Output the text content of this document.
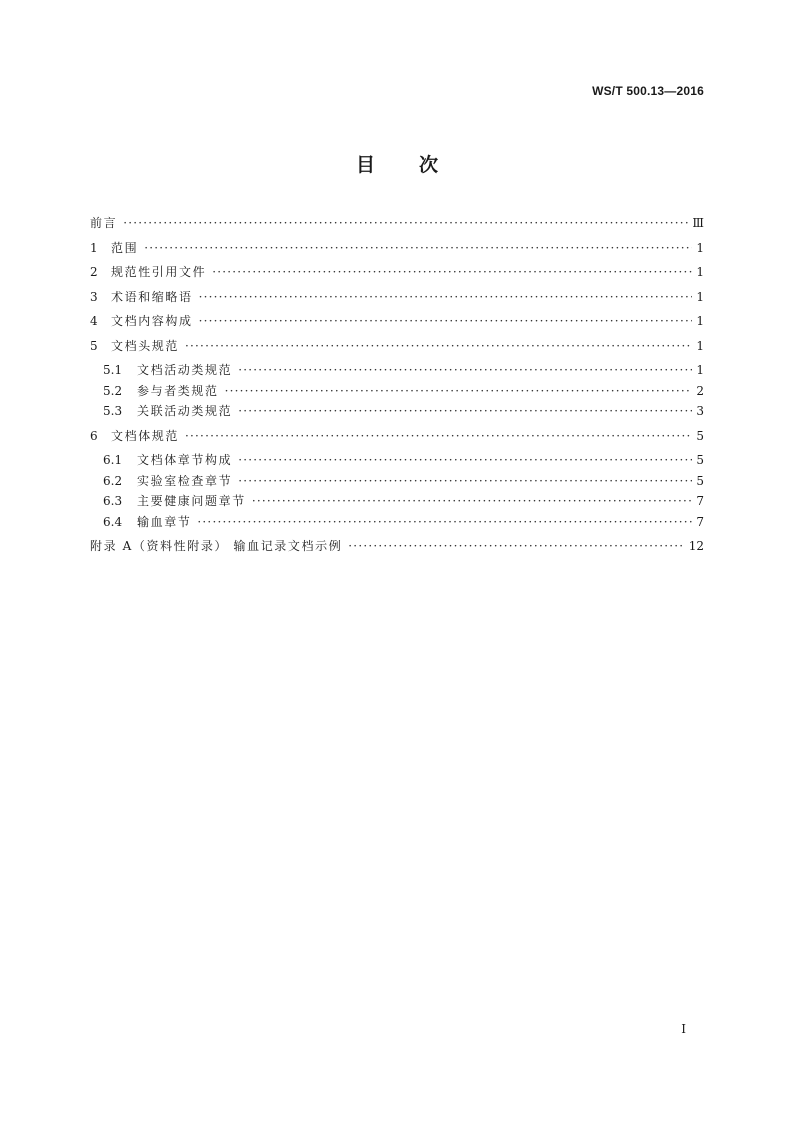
WS/T 500.13—2016
目次
前言 ·····	Ⅲ
1	范围 ·····	1
2	规范性引用文件 ·····	1
3	术语和缩略语 ·····	1
4	文档内容构成 ·····	1
5	文档头规范 ·····	1
5.1	文档活动类规范 ·····	1
5.2	参与者类规范 ·····	2
5.3	关联活动类规范 ·····	3
6	文档体规范 ·····	5
6.1	文档体章节构成 ·····	5
6.2	实验室检查章节 ·····	5
6.3	主要健康问题章节 ·····	7
6.4	输血章节 ·····	7
附录 A（资料性附录） 输血记录文档示例 ·····	12
I
